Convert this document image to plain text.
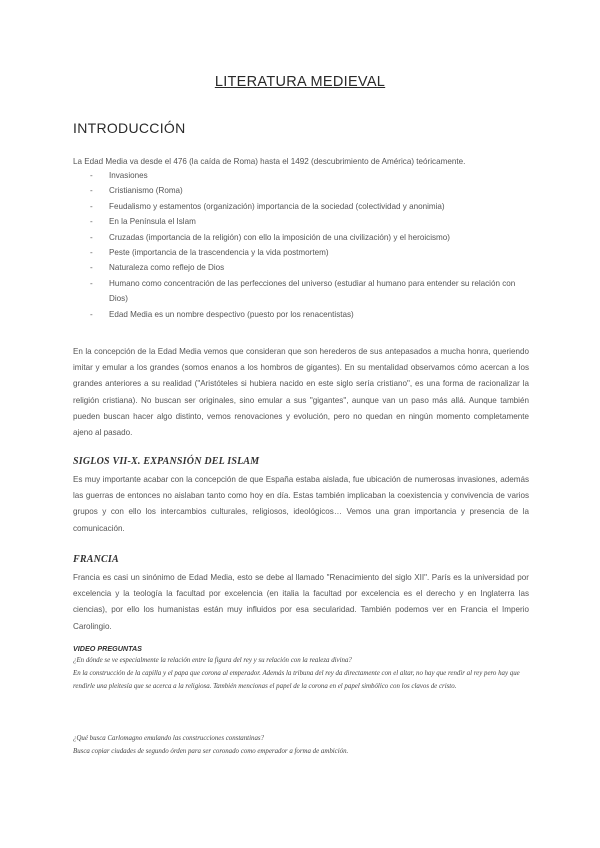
LITERATURA MEDIEVAL
INTRODUCCIÓN

La Edad Media va desde el 476 (la caída de Roma) hasta el 1492 (descubrimiento de América) teóricamente.

- Invasiones
- Cristianismo (Roma)
- Feudalismo y estamentos (organización) importancia de la sociedad (colectividad y anonimia)
- En la Península el Islam
- Cruzadas (importancia de la religión) con ello la imposición de una civilización) y el heroicismo)
- Peste (importancia de la trascendencia y la vida postmortem)
- Naturaleza como reflejo de Dios
- Humano como concentración de las perfecciones del universo (estudiar al humano para entender su relación con Dios)
- Edad Media es un nombre despectivo (puesto por los renacentistas)

En la concepción de la Edad Media vemos que consideran que son herederos de sus antepasados a mucha honra, queriendo imitar y emular a los grandes (somos enanos a los hombros de gigantes). En su mentalidad observamos cómo acercan a los grandes anteriores a su realidad ("Aristóteles si hubiera nacido en este siglo sería cristiano", es una forma de racionalizar la religión cristiana). No buscan ser originales, sino emular a sus "gigantes", aunque van un paso más allá. Aunque también pueden buscan hacer algo distinto, vemos renovaciones y evolución, pero no quedan en ningún momento completamente ajeno al pasado.

SIGLOS VII-X. EXPANSIÓN DEL ISLAM

Es muy importante acabar con la concepción de que España estaba aislada, fue ubicación de numerosas invasiones, además las guerras de entonces no aislaban tanto como hoy en día. Estas también implicaban la coexistencia y convivencia de varios grupos y con ello los intercambios culturales, religiosos, ideológicos… Vemos una gran importancia y presencia de la comunicación.

FRANCIA

Francia es casi un sinónimo de Edad Media, esto se debe al llamado "Renacimiento del siglo XII". París es la universidad por excelencia y la teología la facultad por excelencia (en italia la facultad por excelencia es el derecho y en Inglaterra las ciencias), por ello los humanistas están muy influidos por esa secularidad. También podemos ver en Francia el Imperio Carolingio.

VIDEO PREGUNTAS

¿En dónde se ve especialmente la relación entre la figura del rey y su relación con la realeza divina?

En la construcción de la capilla y el papa que corona al emperador. Además la tribuna del rey da directamente con el altar, no hay que rendir al rey pero hay que rendirle una pleitesía que se acerca a la religiosa. También mencionas el papel de la corona en el papel simbólico con los clavos de cristo.

¿Qué busca Carlomagno emulando las construcciones constantinas?

Busca copiar ciudades de segundo órden para ser coronado como emperador a forma de ambición.
